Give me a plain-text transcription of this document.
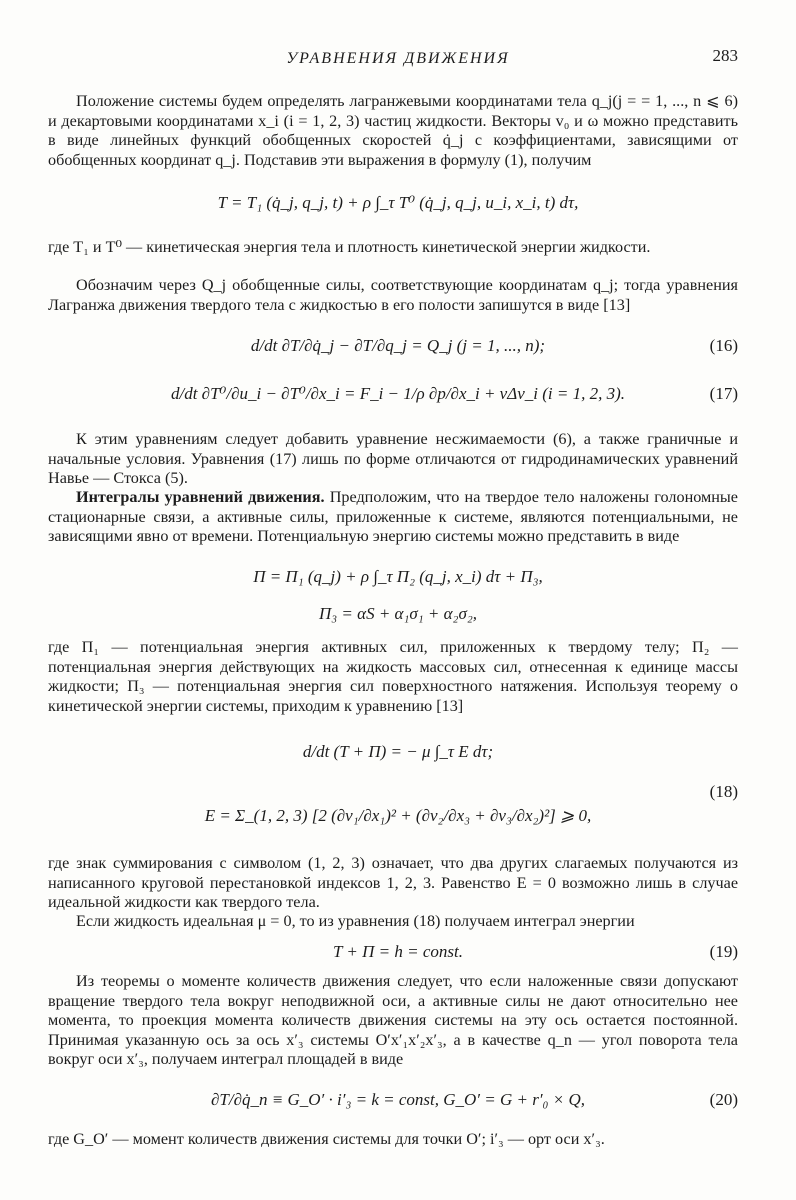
УРАВНЕНИЯ ДВИЖЕНИЯ	283
Положение системы будем определять лагранжевыми координатами тела q_j(j = = 1, ..., n ⩽ 6) и декартовыми координатами x_i (i = 1, 2, 3) частиц жидкости. Векторы v₀ и ω можно представить в виде линейных функций обобщенных скоростей q̇_j с коэффициентами, зависящими от обобщенных координат q_j. Подставив эти выражения в формулу (1), получим
T = T₁ (q̇_j, q_j, t) + ρ ∫_τ T⁰ (q̇_j, q_j, u_i, x_i, t) dτ,
где T₁ и T⁰ — кинетическая энергия тела и плотность кинетической энергии жидкости.
Обозначим через Q_j обобщенные силы, соответствующие координатам q_j; тогда уравнения Лагранжа движения твердого тела с жидкостью в его полости запишутся в виде [13]
d/dt ∂T/∂q̇_j − ∂T/∂q_j = Q_j (j = 1, ..., n);	(16)
d/dt ∂T⁰/∂u_i − ∂T⁰/∂x_i = F_i − 1/ρ ∂p/∂x_i + νΔv_i (i = 1, 2, 3).	(17)
К этим уравнениям следует добавить уравнение несжимаемости (6), а также граничные и начальные условия. Уравнения (17) лишь по форме отличаются от гидродинамических уравнений Навье — Стокса (5).
Интегралы уравнений движения. Предположим, что на твердое тело наложены голономные стационарные связи, а активные силы, приложенные к системе, являются потенциальными, не зависящими явно от времени. Потенциальную энергию системы можно представить в виде
Π = Π₁ (q_j) + ρ ∫_τ Π₂ (q_j, x_i) dτ + Π₃,
Π₃ = αS + α₁σ₁ + α₂σ₂,
где Π₁ — потенциальная энергия активных сил, приложенных к твердому телу; Π₂ — потенциальная энергия действующих на жидкость массовых сил, отнесенная к единице массы жидкости; Π₃ — потенциальная энергия сил поверхностного натяжения. Используя теорему о кинетической энергии системы, приходим к уравнению [13]
d/dt (T + Π) = − μ ∫_τ E dτ;
(18)
E = Σ_(1, 2, 3) [2 (∂v₁/∂x₁)² + (∂v₂/∂x₃ + ∂v₃/∂x₂)²] ⩾ 0,
где знак суммирования с символом (1, 2, 3) означает, что два других слагаемых получаются из написанного круговой перестановкой индексов 1, 2, 3. Равенство E = 0 возможно лишь в случае идеальной жидкости как твердого тела.
Если жидкость идеальная μ = 0, то из уравнения (18) получаем интеграл энергии
T + Π = h = const.	(19)
Из теоремы о моменте количеств движения следует, что если наложенные связи допускают вращение твердого тела вокруг неподвижной оси, а активные силы не дают относительно нее момента, то проекция момента количеств движения системы на эту ось остается постоянной. Принимая указанную ось за ось x′₃ системы O′x′₁x′₂x′₃, а в качестве q_n — угол поворота тела вокруг оси x′₃, получаем интеграл площадей в виде
∂T/∂q̇_n ≡ G_O′ · i′₃ = k = const, G_O′ = G + r′₀ × Q,	(20)
где G_O′ — момент количеств движения системы для точки O′; i′₃ — орт оси x′₃.
